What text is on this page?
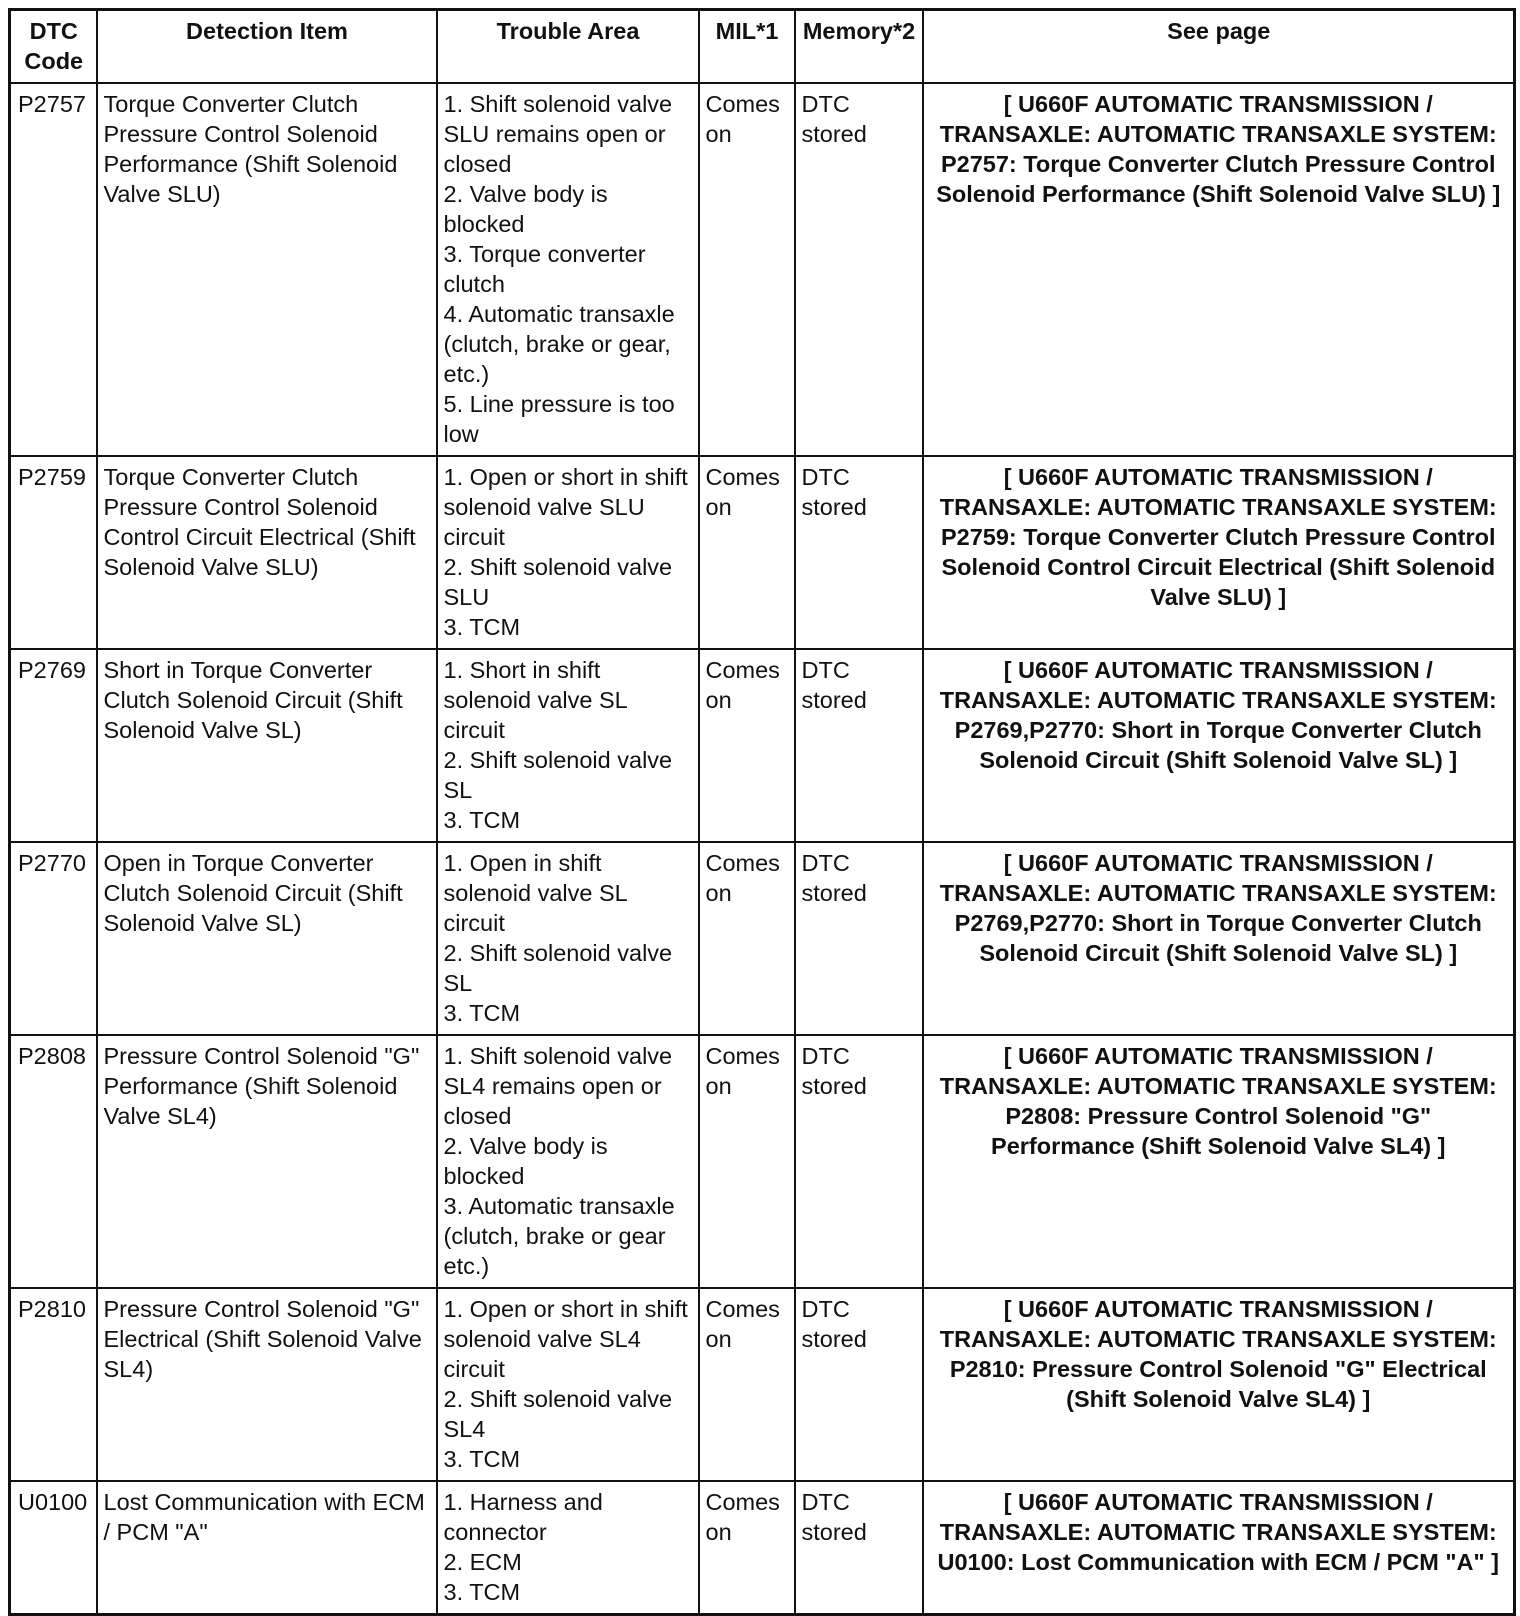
DTC Code	Detection Item	Trouble Area	MIL*1	Memory*2	See page
P2757	Torque Converter Clutch Pressure Control Solenoid Performance (Shift Solenoid Valve SLU)	1. Shift solenoid valve SLU remains open or closed
2. Valve body is blocked
3. Torque converter clutch
4. Automatic transaxle (clutch, brake or gear, etc.)
5. Line pressure is too low	Comes on	DTC stored	[ U660F AUTOMATIC TRANSMISSION / TRANSAXLE: AUTOMATIC TRANSAXLE SYSTEM: P2757: Torque Converter Clutch Pressure Control Solenoid Performance (Shift Solenoid Valve SLU) ]
P2759	Torque Converter Clutch Pressure Control Solenoid Control Circuit Electrical (Shift Solenoid Valve SLU)	1. Open or short in shift solenoid valve SLU circuit
2. Shift solenoid valve SLU
3. TCM	Comes on	DTC stored	[ U660F AUTOMATIC TRANSMISSION / TRANSAXLE: AUTOMATIC TRANSAXLE SYSTEM: P2759: Torque Converter Clutch Pressure Control Solenoid Control Circuit Electrical (Shift Solenoid Valve SLU) ]
P2769	Short in Torque Converter Clutch Solenoid Circuit (Shift Solenoid Valve SL)	1. Short in shift solenoid valve SL circuit
2. Shift solenoid valve SL
3. TCM	Comes on	DTC stored	[ U660F AUTOMATIC TRANSMISSION / TRANSAXLE: AUTOMATIC TRANSAXLE SYSTEM: P2769,P2770: Short in Torque Converter Clutch Solenoid Circuit (Shift Solenoid Valve SL) ]
P2770	Open in Torque Converter Clutch Solenoid Circuit (Shift Solenoid Valve SL)	1. Open in shift solenoid valve SL circuit
2. Shift solenoid valve SL
3. TCM	Comes on	DTC stored	[ U660F AUTOMATIC TRANSMISSION / TRANSAXLE: AUTOMATIC TRANSAXLE SYSTEM: P2769,P2770: Short in Torque Converter Clutch Solenoid Circuit (Shift Solenoid Valve SL) ]
P2808	Pressure Control Solenoid "G" Performance (Shift Solenoid Valve SL4)	1. Shift solenoid valve SL4 remains open or closed
2. Valve body is blocked
3. Automatic transaxle (clutch, brake or gear etc.)	Comes on	DTC stored	[ U660F AUTOMATIC TRANSMISSION / TRANSAXLE: AUTOMATIC TRANSAXLE SYSTEM: P2808: Pressure Control Solenoid "G" Performance (Shift Solenoid Valve SL4) ]
P2810	Pressure Control Solenoid "G" Electrical (Shift Solenoid Valve SL4)	1. Open or short in shift solenoid valve SL4 circuit
2. Shift solenoid valve SL4
3. TCM	Comes on	DTC stored	[ U660F AUTOMATIC TRANSMISSION / TRANSAXLE: AUTOMATIC TRANSAXLE SYSTEM: P2810: Pressure Control Solenoid "G" Electrical (Shift Solenoid Valve SL4) ]
U0100	Lost Communication with ECM / PCM "A"	1. Harness and connector
2. ECM
3. TCM	Comes on	DTC stored	[ U660F AUTOMATIC TRANSMISSION / TRANSAXLE: AUTOMATIC TRANSAXLE SYSTEM: U0100: Lost Communication with ECM / PCM "A" ]
